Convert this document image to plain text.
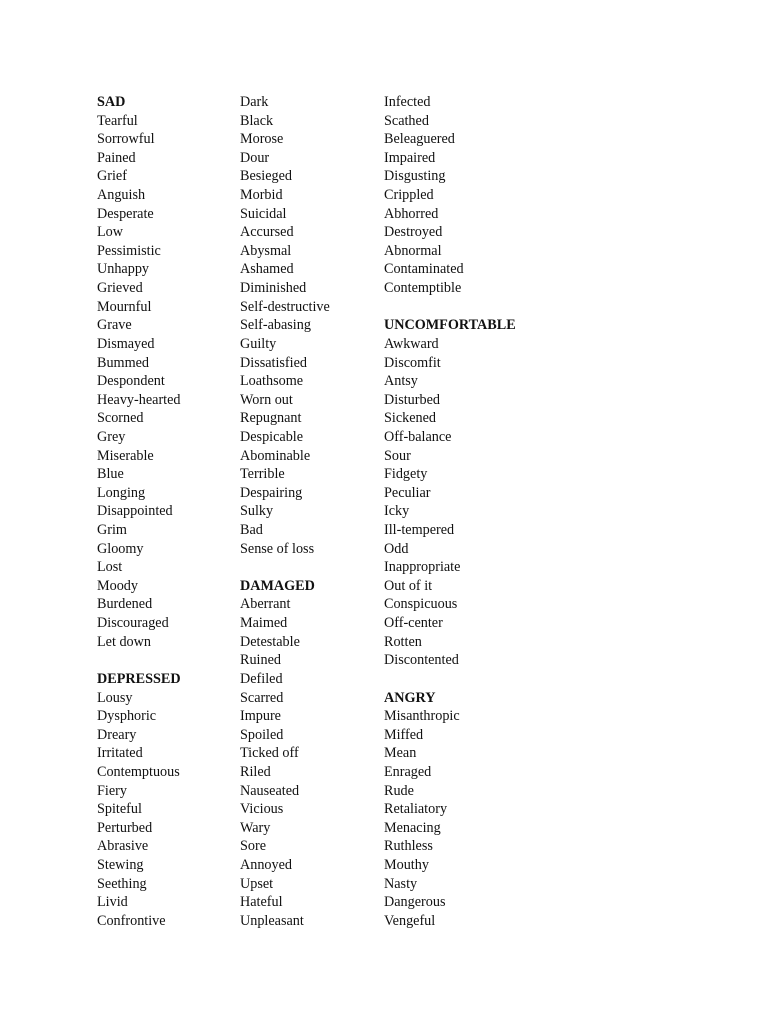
SAD
Tearful
Sorrowful
Pained
Grief
Anguish
Desperate
Low
Pessimistic
Unhappy
Grieved
Mournful
Grave
Dismayed
Bummed
Despondent
Heavy-hearted
Scorned
Grey
Miserable
Blue
Longing
Disappointed
Grim
Gloomy
Lost
Moody
Burdened
Discouraged
Let down
DEPRESSED
Lousy
Dysphoric
Dreary
Irritated
Contemptuous
Fiery
Spiteful
Perturbed
Abrasive
Stewing
Seething
Livid
Confrontive
Dark
Black
Morose
Dour
Besieged
Morbid
Suicidal
Accursed
Abysmal
Ashamed
Diminished
Self-destructive
Self-abasing
Guilty
Dissatisfied
Loathsome
Worn out
Repugnant
Despicable
Abominable
Terrible
Despairing
Sulky
Bad
Sense of loss
DAMAGED
Aberrant
Maimed
Detestable
Ruined
Defiled
Scarred
Impure
Spoiled
Ticked off
Riled
Nauseated
Vicious
Wary
Sore
Annoyed
Upset
Hateful
Unpleasant
Infected
Scathed
Beleaguered
Impaired
Disgusting
Crippled
Abhorred
Destroyed
Abnormal
Contaminated
Contemptible
UNCOMFORTABLE
Awkward
Discomfit
Antsy
Disturbed
Sickened
Off-balance
Sour
Fidgety
Peculiar
Icky
Ill-tempered
Odd
Inappropriate
Out of it
Conspicuous
Off-center
Rotten
Discontented
ANGRY
Misanthropic
Miffed
Mean
Enraged
Rude
Retaliatory
Menacing
Ruthless
Mouthy
Nasty
Dangerous
Vengeful
